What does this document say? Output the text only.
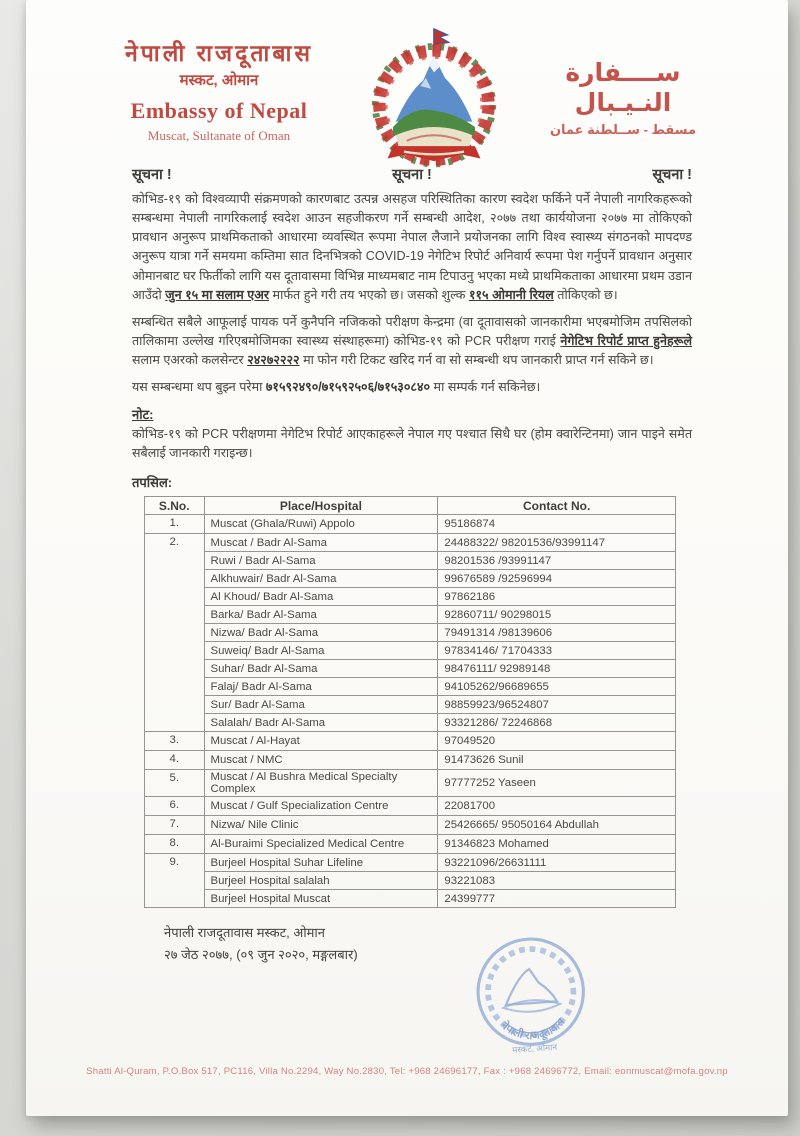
नेपाली राजदूताबास
मस्कट, ओमान
Embassy of Nepal
Muscat, Sultanate of Oman
ســــفارة النـيـبال
مسقط - ســلطنة عمان
सूचना !	सूचना !	सूचना !

कोभिड-१९ को विश्वव्यापी संक्रमणको कारणबाट उत्पन्न असहज परिस्थितिका कारण स्वदेश फर्किने पर्ने नेपाली नागरिकहरूको सम्बन्धमा नेपाली नागरिकलाई स्वदेश आउन सहजीकरण गर्ने सम्बन्धी आदेश, २०७७ तथा कार्ययोजना २०७७ मा तोकिएको प्रावधान अनुरूप प्राथमिकताको आधारमा व्यवस्थित रूपमा नेपाल लैजाने प्रयोजनका लागि विश्व स्वास्थ्य संगठनको मापदण्ड अनुरूप यात्रा गर्ने समयमा कम्तिमा सात दिनभित्रको COVID-19 नेगेटिभ रिपोर्ट अनिवार्य रूपमा पेश गर्नुपर्ने प्रावधान अनुसार ओमानबाट घर फिर्तीको लागि यस दूतावासमा विभिन्न माध्यमबाट नाम टिपाउनु भएका मध्ये प्राथमिकताका आधारमा प्रथम उडान आउँदो जुन १५ मा सलाम एअर मार्फत हुने गरी तय भएको छ। जसको शुल्क ११५ ओमानी रियल तोकिएको छ।

सम्बन्धित सबैले आफूलाई पायक पर्ने कुनैपनि नजिकको परीक्षण केन्द्रमा (वा दूतावासको जानकारीमा भएबमोजिम तपसिलको तालिकामा उल्लेख गरिएबमोजिमका स्वास्थ्य संस्थाहरूमा) कोभिड-१९ को PCR परीक्षण गराई नेगेटिभ रिपोर्ट प्राप्त हुनेहरूले सलाम एअरको कलसेन्टर २४२७२२२२ मा फोन गरी टिकट खरिद गर्न वा सो सम्बन्धी थप जानकारी प्राप्त गर्न सकिने छ।

यस सम्बन्धमा थप बुझ्न परेमा ७१५९२४९०/७१५९२५०६/७१५३०८४० मा सम्पर्क गर्न सकिनेछ।

नोट:

कोभिड-१९ को PCR परीक्षणमा नेगेटिभ रिपोर्ट आएकाहरूले नेपाल गए पश्चात सिधै घर (होम क्वारेन्टिनमा) जान पाइने समेत सबैलाई जानकारी गराइन्छ।

तपसिल:
S.No.	Place/Hospital	Contact No.
1.	Muscat (Ghala/Ruwi) Appolo	95186874
2.	Muscat / Badr Al-Sama	24488322/ 98201536/93991147
	Ruwi / Badr Al-Sama	98201536 /93991147
	Alkhuwair/ Badr Al-Sama	99676589 /92596994
	Al Khoud/ Badr Al-Sama	97862186
	Barka/ Badr Al-Sama	92860711/ 90298015
	Nizwa/ Badr Al-Sama	79491314 /98139606
	Suweiq/ Badr Al-Sama	97834146/ 71704333
	Suhar/ Badr Al-Sama	98476111/ 92989148
	Falaj/ Badr Al-Sama	94105262/96689655
	Sur/ Badr Al-Sama	98859923/96524807
	Salalah/ Badr Al-Sama	93321286/ 72246868
3.	Muscat / Al-Hayat	97049520
4.	Muscat / NMC	91473626 Sunil
5.	Muscat / Al Bushra Medical Specialty Complex	97777252 Yaseen
6.	Muscat / Gulf Specialization Centre	22081700
7.	Nizwa/ Nile Clinic	25426665/ 95050164 Abdullah
8.	Al-Buraimi Specialized Medical Centre	91346823 Mohamed
9.	Burjeel Hospital Suhar Lifeline	93221096/26631111
	Burjeel Hospital salalah	93221083
	Burjeel Hospital Muscat	24399777
नेपाली राजदूतावास मस्कट, ओमान
२७ जेठ २०७७, (०९ जुन २०२०, मङ्गलबार)
नेपाली राजदूतावास
मस्कट, ओमान
Shatti Al-Quram, P.O.Box 517, PC116, Villa No.2294, Way No.2830, Tel: +968 24696177, Fax : +968 24696772, Email: eonmuscat@mofa.gov.np
